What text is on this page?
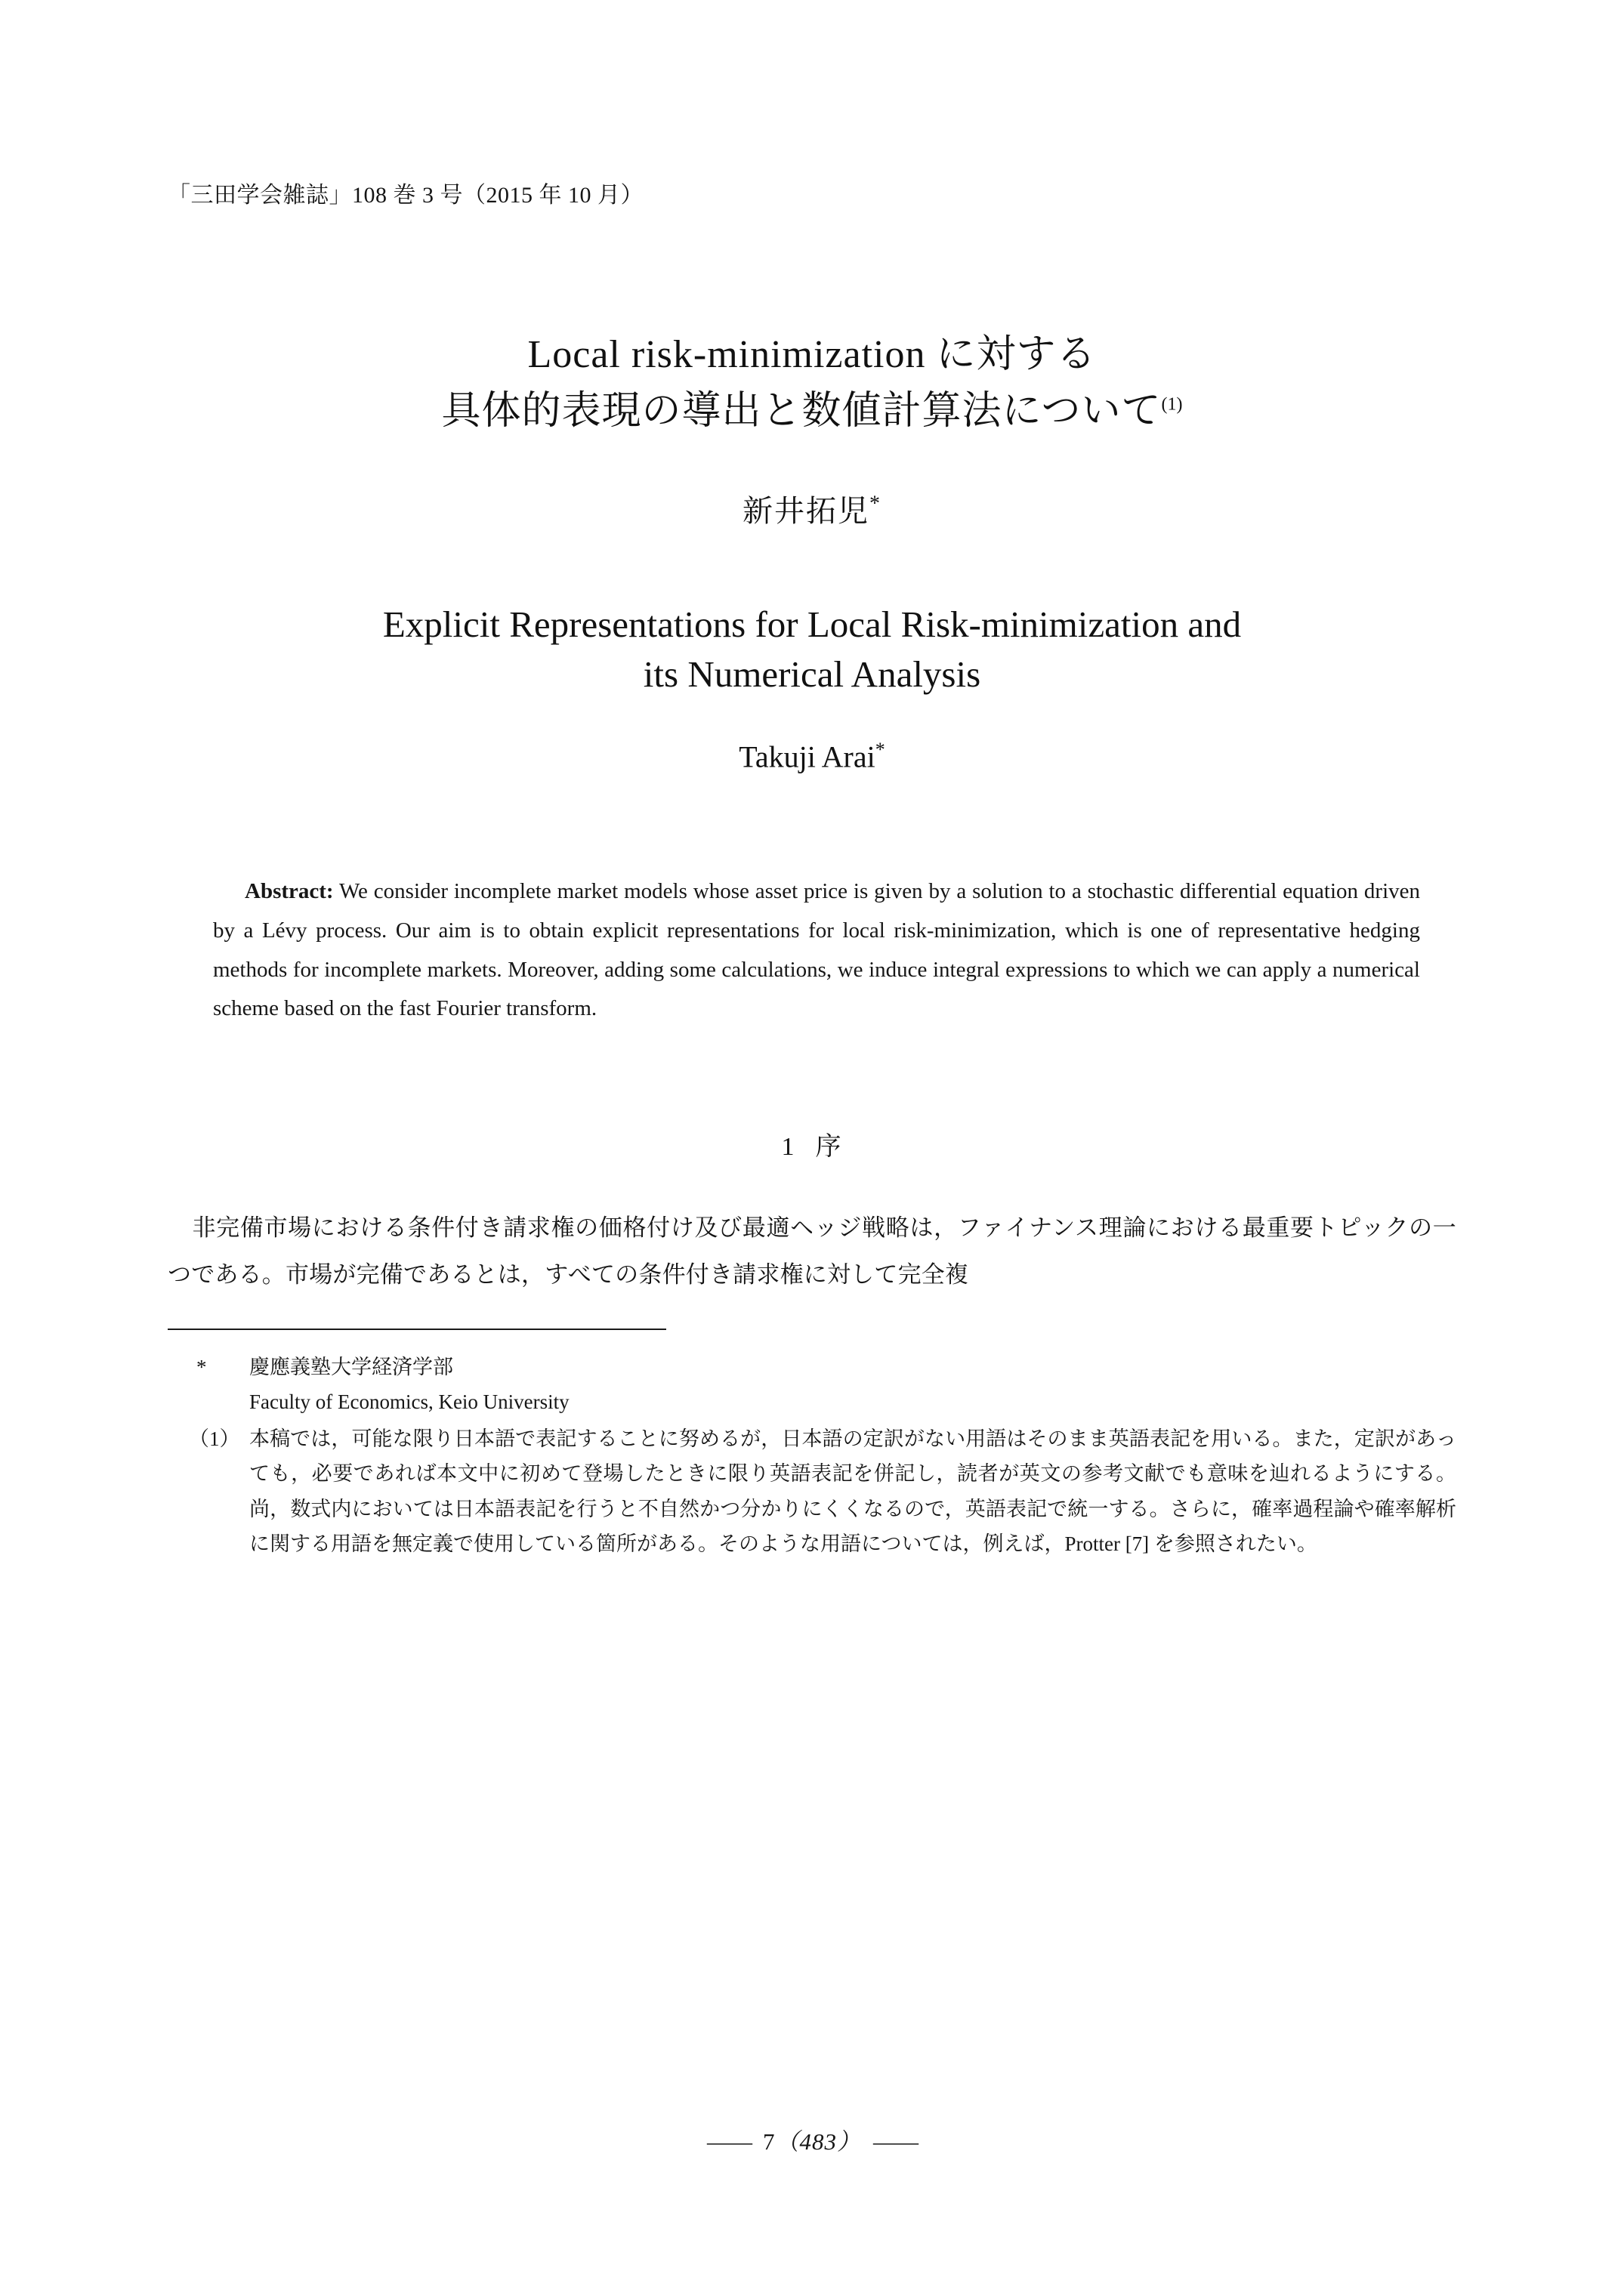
「三田学会雑誌」108 巻 3 号（2015 年 10 月）
Local risk-minimization に対する
具体的表現の導出と数値計算法について$^{(1)}$
新井拓児*
Explicit Representations for Local Risk-minimization and
its Numerical Analysis
Takuji Arai*
Abstract: We consider incomplete market models whose asset price is given by a solution to a stochastic differential equation driven by a Lévy process. Our aim is to obtain explicit representations for local risk-minimization, which is one of representative hedging methods for incomplete markets. Moreover, adding some calculations, we induce integral expressions to which we can apply a numerical scheme based on the fast Fourier transform.
1 序
非完備市場における条件付き請求権の価格付け及び最適ヘッジ戦略は，ファイナンス理論における最重要トピックの一つである。市場が完備であるとは，すべての条件付き請求権に対して完全複
*	慶應義塾大学経済学部
Faculty of Economics, Keio University
（1） 本稿では，可能な限り日本語で表記することに努めるが，日本語の定訳がない用語はそのまま英語表記を用いる。また，定訳があっても，必要であれば本文中に初めて登場したときに限り英語表記を併記し，読者が英文の参考文献でも意味を辿れるようにする。尚，数式内においては日本語表記を行うと不自然かつ分かりにくくなるので，英語表記で統一する。さらに，確率過程論や確率解析に関する用語を無定義で使用している箇所がある。そのような用語については，例えば，Protter [7] を参照されたい。
—— 7（483） ——
